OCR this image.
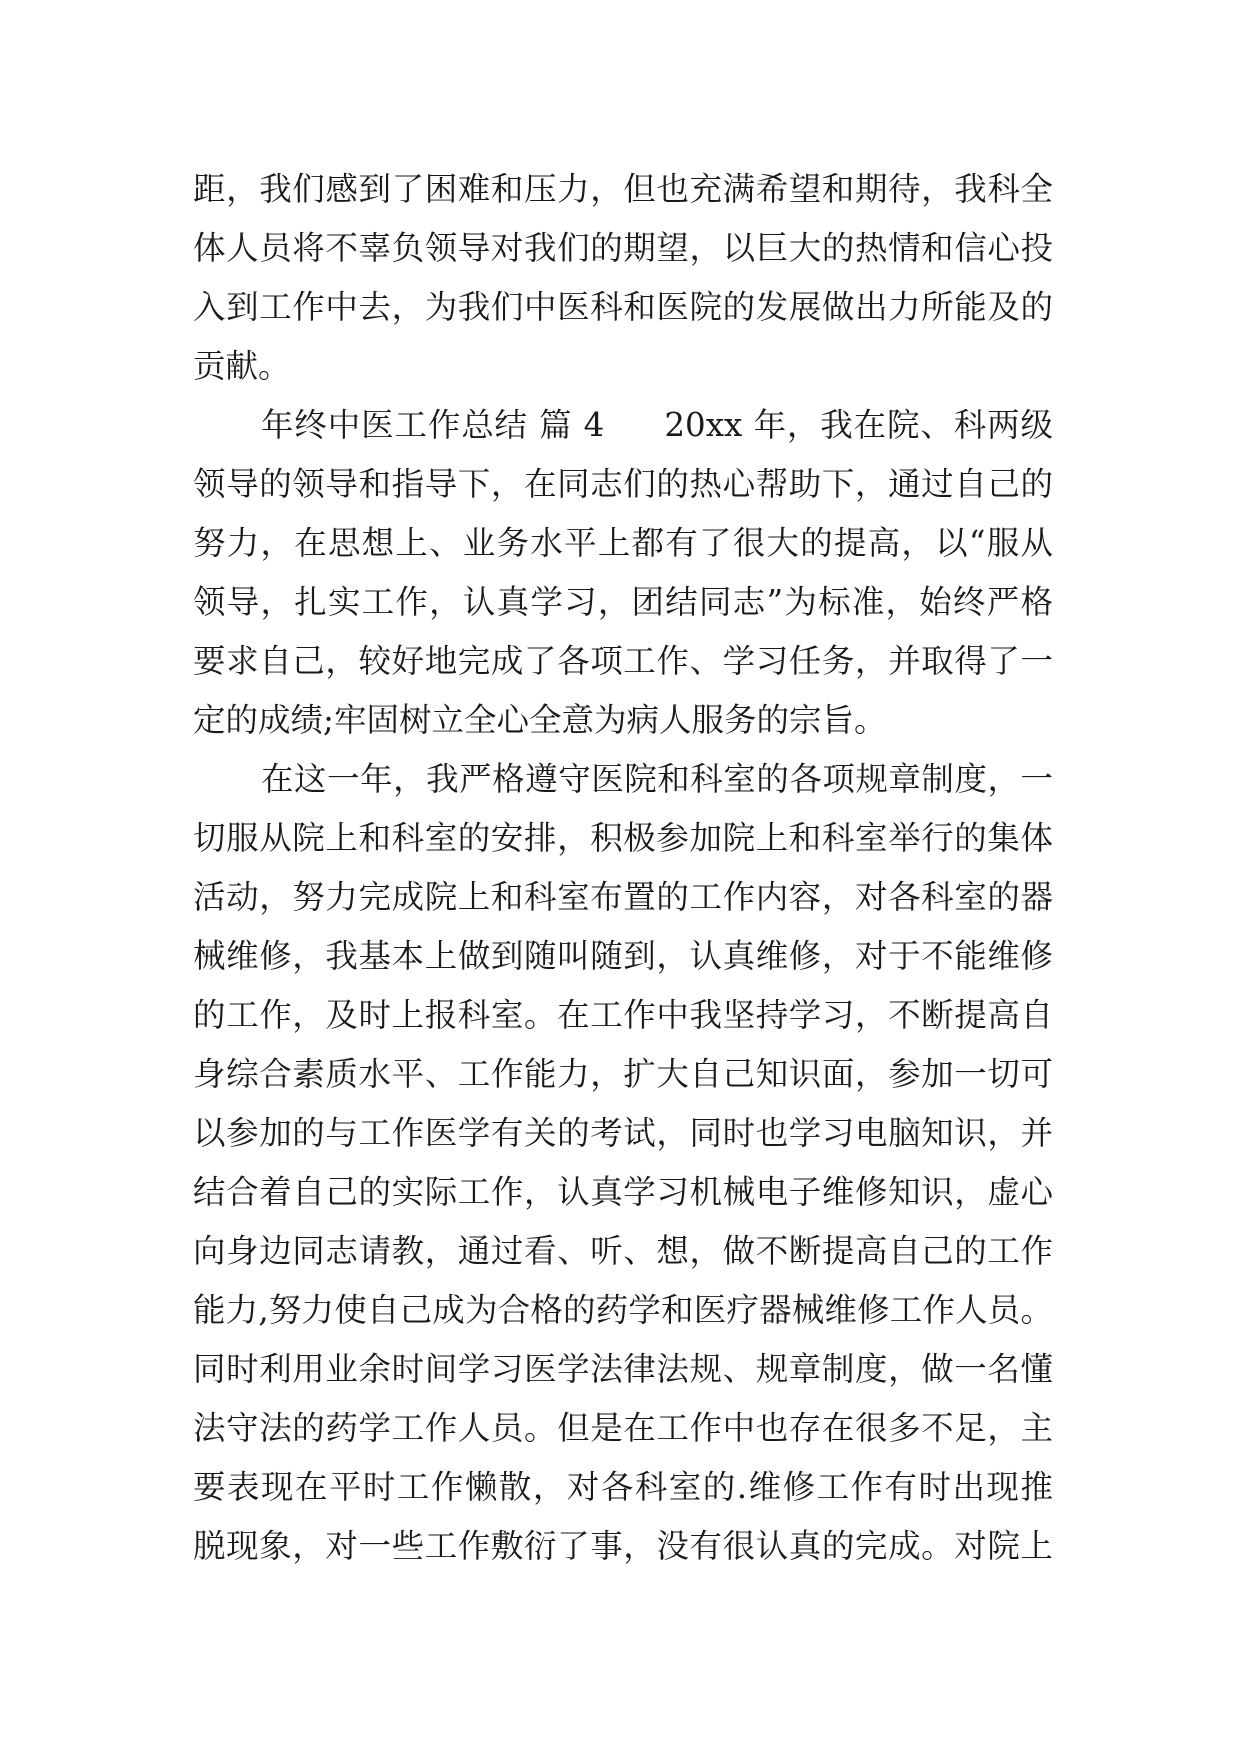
距，我们感到了困难和压力，但也充满希望和期待，我科全
体人员将不辜负领导对我们的期望，以巨大的热情和信心投
入到工作中去，为我们中医科和医院的发展做出力所能及的
贡献。
年终中医工作总结 篇 4 20xx 年，我在院、科两级
领导的领导和指导下，在同志们的热心帮助下，通过自己的
努力，在思想上、业务水平上都有了很大的提高，以“服从
领导，扎实工作，认真学习，团结同志”为标准，始终严格
要求自己，较好地完成了各项工作、学习任务，并取得了一
定的成绩;牢固树立全心全意为病人服务的宗旨。
在这一年，我严格遵守医院和科室的各项规章制度，一
切服从院上和科室的安排，积极参加院上和科室举行的集体
活动，努力完成院上和科室布置的工作内容，对各科室的器
械维修，我基本上做到随叫随到，认真维修，对于不能维修
的工作，及时上报科室。在工作中我坚持学习，不断提高自
身综合素质水平、工作能力，扩大自己知识面，参加一切可
以参加的与工作医学有关的考试，同时也学习电脑知识，并
结合着自己的实际工作，认真学习机械电子维修知识，虚心
向身边同志请教，通过看、听、想，做不断提高自己的工作
能力,努力使自己成为合格的药学和医疗器械维修工作人员。
同时利用业余时间学习医学法律法规、规章制度，做一名懂
法守法的药学工作人员。但是在工作中也存在很多不足，主
要表现在平时工作懒散，对各科室的.维修工作有时出现推
脱现象，对一些工作敷衍了事，没有很认真的完成。对院上
